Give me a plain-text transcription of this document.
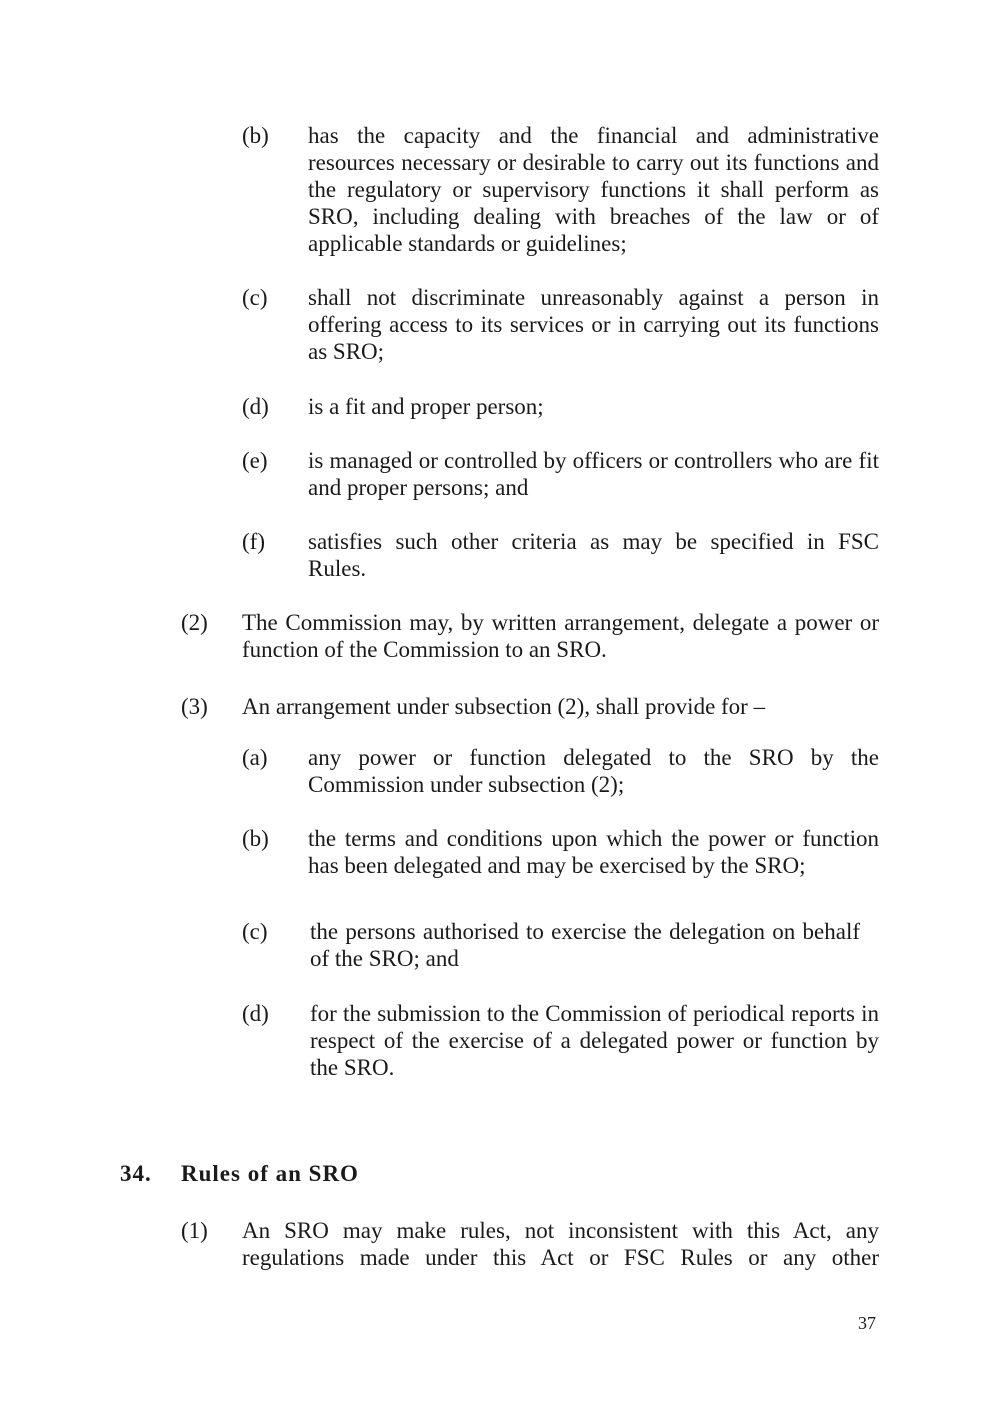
(b) has the capacity and the financial and administrative
resources necessary or desirable to carry out its functions and
the regulatory or supervisory functions it shall perform as
SRO, including dealing with breaches of the law or of
applicable standards or guidelines;
(c) shall not discriminate unreasonably against a person in
offering access to its services or in carrying out its functions
as SRO;
(d) is a fit and proper person;
(e) is managed or controlled by officers or controllers who are fit
and proper persons; and
(f) satisfies such other criteria as may be specified in FSC
Rules.
(2) The Commission may, by written arrangement, delegate a power or
function of the Commission to an SRO.
(3) An arrangement under subsection (2), shall provide for –
(a) any power or function delegated to the SRO by the
Commission under subsection (2);
(b) the terms and conditions upon which the power or function
has been delegated and may be exercised by the SRO;
(c) the persons authorised to exercise the delegation on behalf
of the SRO; and
(d) for the submission to the Commission of periodical reports in
respect of the exercise of a delegated power or function by
the SRO.
34. Rules of an SRO
(1) An SRO may make rules, not inconsistent with this Act, any
regulations made under this Act or FSC Rules or any other
37
